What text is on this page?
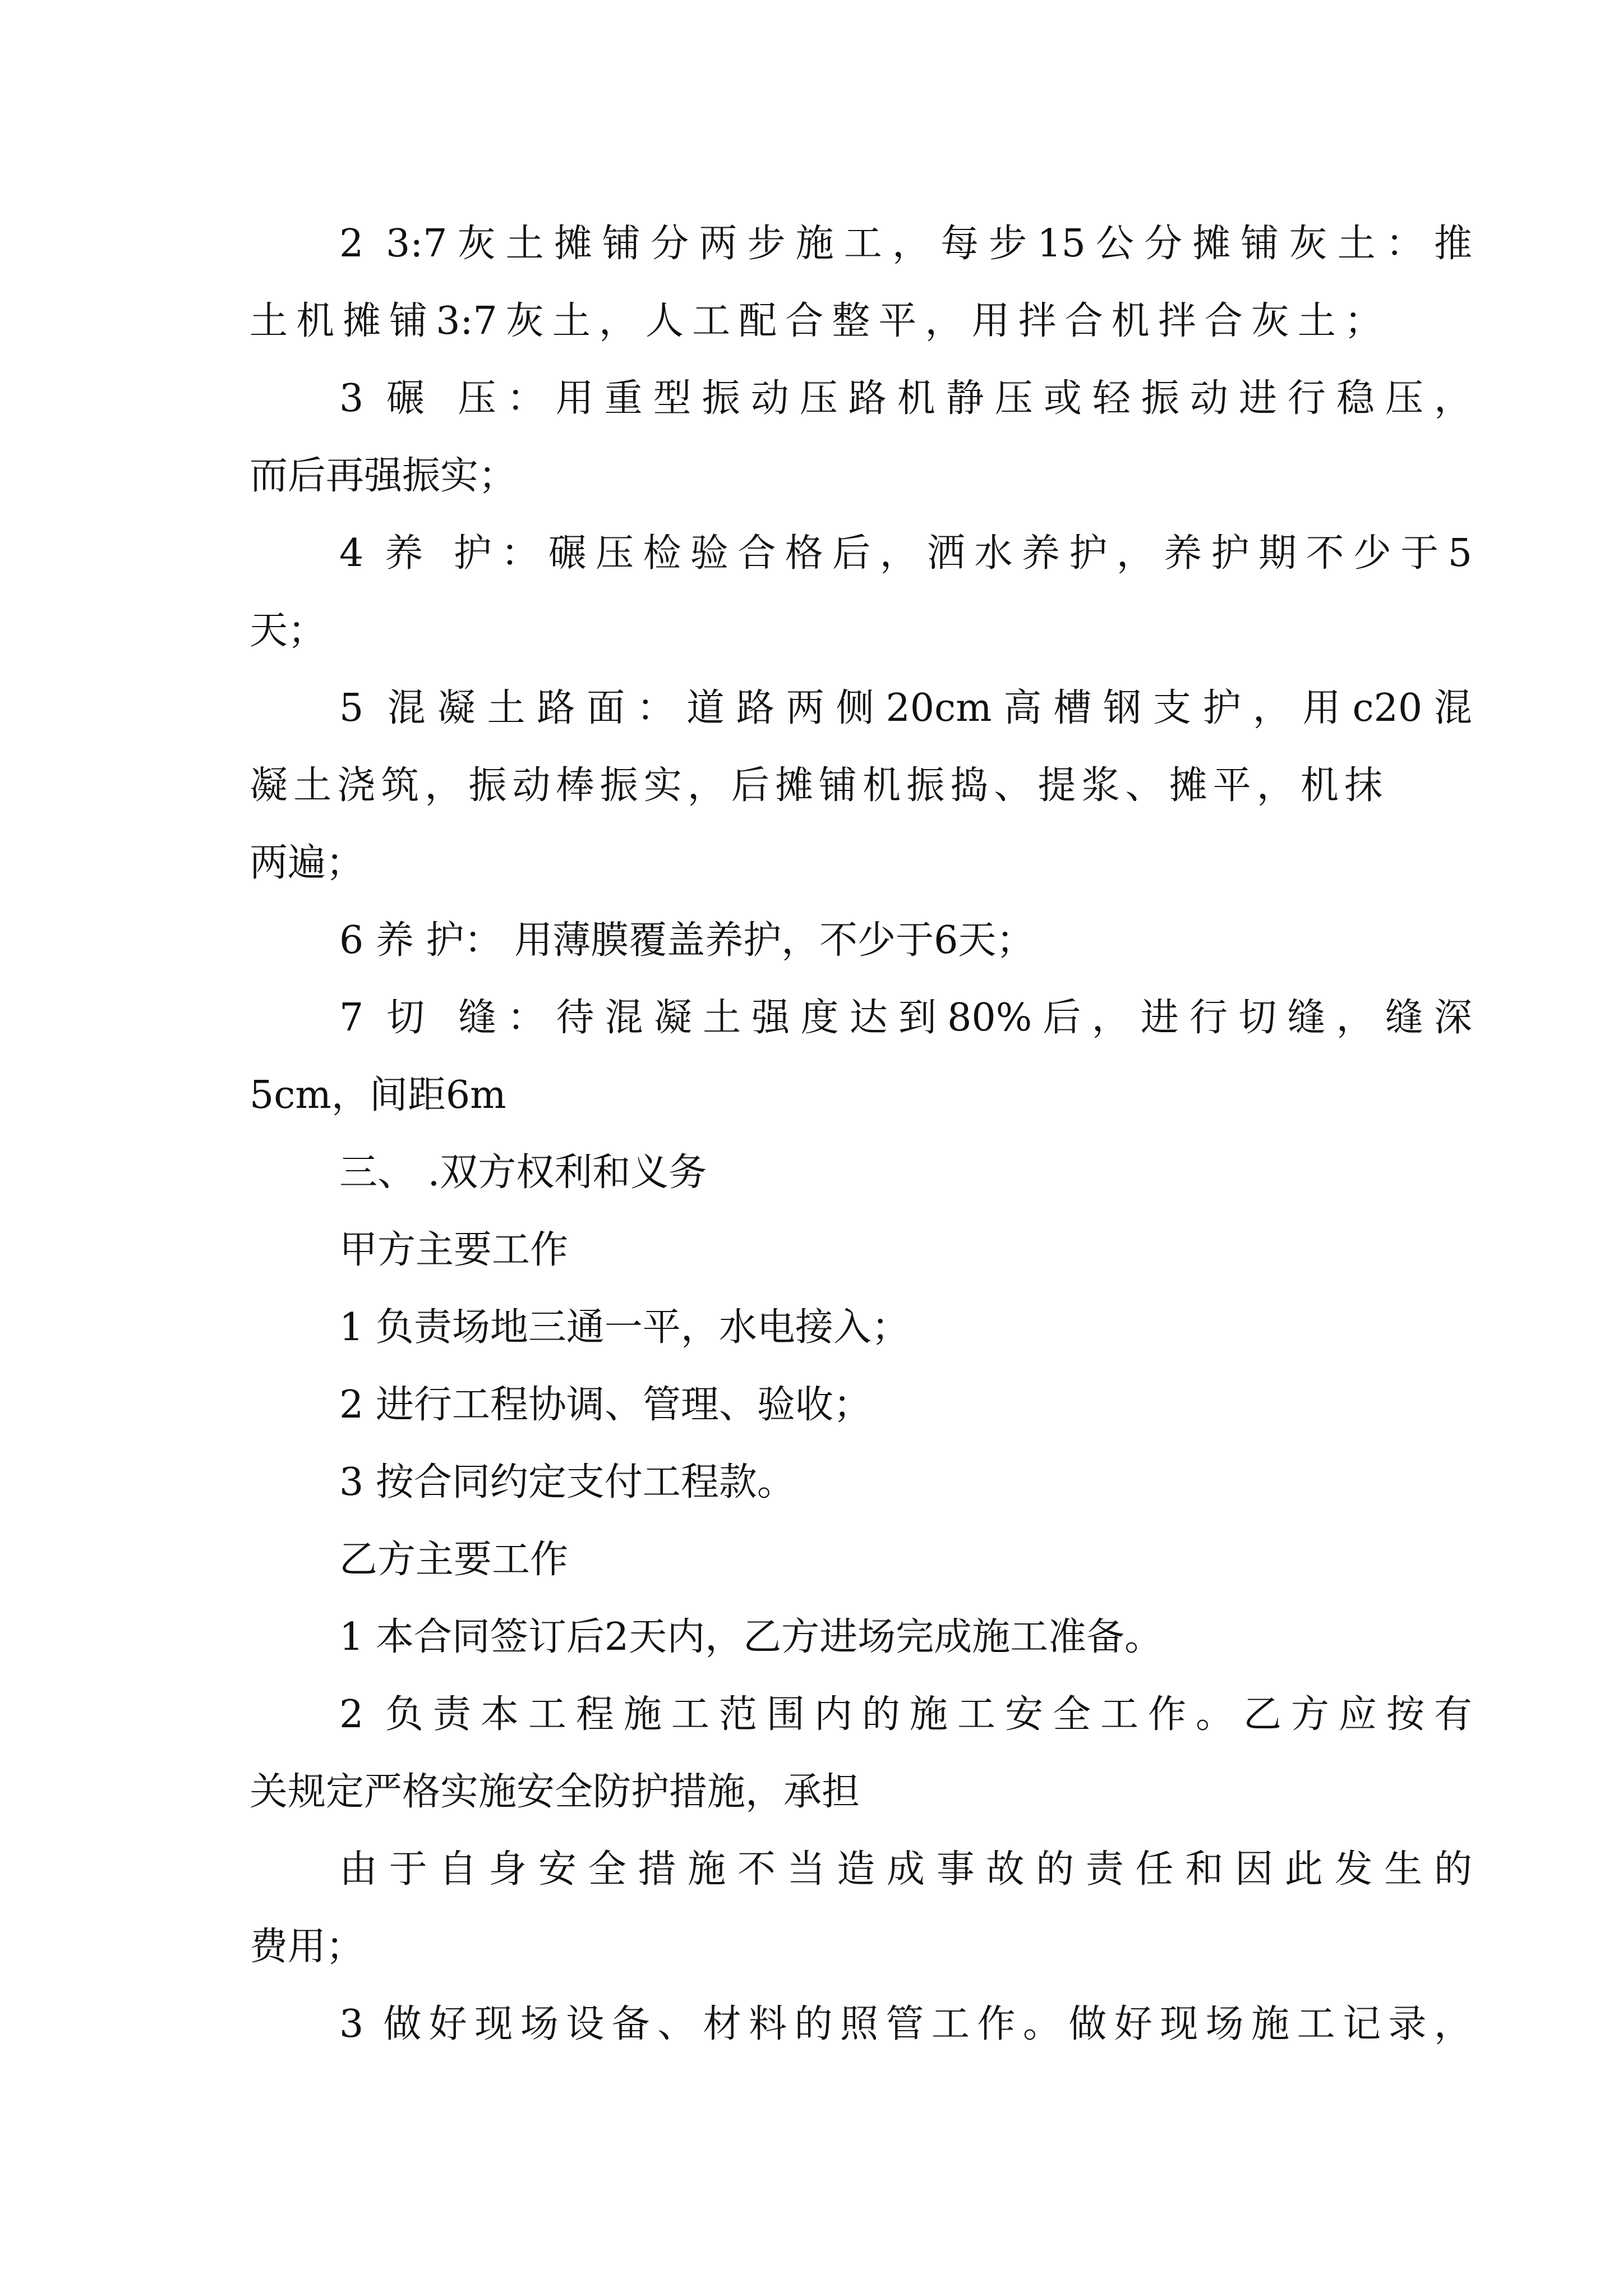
2 3:7灰土摊铺分两步施工，每步15公分摊铺灰土：推
土机摊铺3:7灰土，人工配合整平，用拌合机拌合灰土；
3 碾 压：用重型振动压路机静压或轻振动进行稳压，
而后再强振实；
4 养 护：碾压检验合格后，洒水养护，养护期不少于5
天；
5 混凝土路面：道路两侧20cm高槽钢支护，用c20混
凝土浇筑，振动棒振实，后摊铺机振捣、提浆、摊平，机抹
两遍；
6 养 护： 用薄膜覆盖养护，不少于6天；
7 切 缝：待混凝土强度达到80%后，进行切缝，缝深
5cm，间距6m
三、 .双方权利和义务
甲方主要工作
1 负责场地三通一平，水电接入；
2 进行工程协调、管理、验收；
3 按合同约定支付工程款。
乙方主要工作
1 本合同签订后2天内，乙方进场完成施工准备。
2 负责本工程施工范围内的施工安全工作。乙方应按有
关规定严格实施安全防护措施，承担
由于自身安全措施不当造成事故的责任和因此发生的
费用；
3 做好现场设备、材料的照管工作。做好现场施工记录，
